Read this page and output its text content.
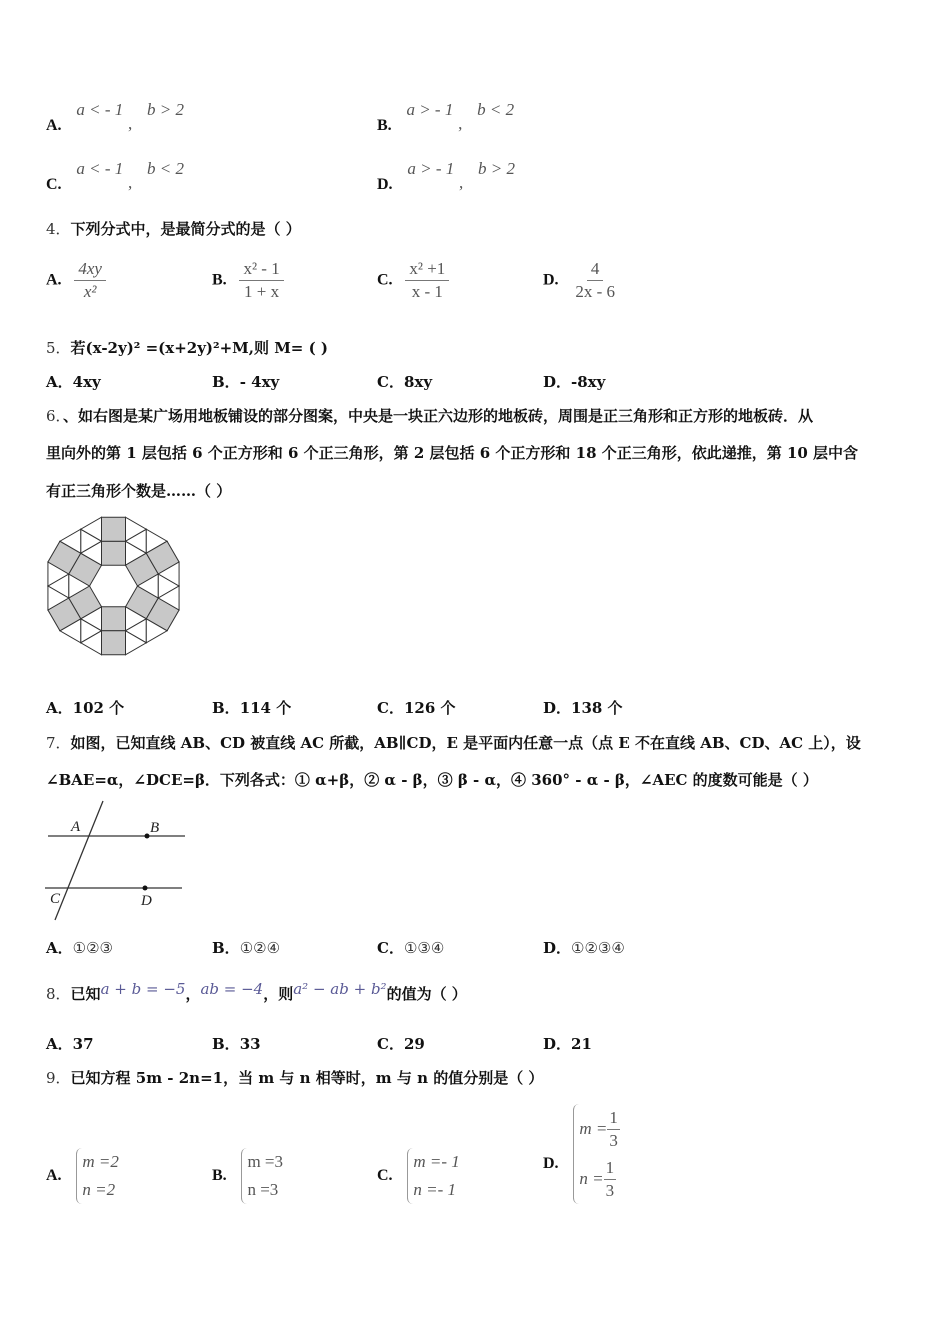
A. a < - 1 , b > 2
B. a > - 1 , b < 2
C. a < - 1 , b < 2
D. a > - 1 , b > 2
4．下列分式中，是最简分式的是（ ）
A. $\frac{4xy}{\text{x²}}$	B. $\frac{\text{x² - 1}}{1 + x}$	C. $\frac{\text{x² +1}}{x - 1}$	D. $\frac{4}{2x - 6}$
5．若(x-2y)² =(x+2y)²+M,则 M= ( )
A．4xy	B．- 4xy	C．8xy	D．-8xy
6．、如右图是某广场用地板铺设的部分图案，中央是一块正六边形的地板砖，周围是正三角形和正方形的地板砖．从
里向外的第 1 层包括 6 个正方形和 6 个正三角形，第 2 层包括 6 个正方形和 18 个正三角形，依此递推，第 10 层中含
有正三角形个数是……（ ）
A．102 个	B．114 个	C．126 个	D．138 个
7．如图，已知直线 AB、CD 被直线 AC 所截，AB∥CD，E 是平面内任意一点（点 E 不在直线 AB、CD、AC 上），设
∠BAE=α，∠DCE=β．下列各式：① α+β，② α - β，③ β - α，④ 360° - α - β，∠AEC 的度数可能是（ ）
A	B
C	D
A．①②③	B．①②④	C．①③④	D．①②③④
8．已知a + b = −5，ab = −4，则a² − ab + b²的值为（ ）
A．37	B．33	C．29	D．21
9．已知方程 5m - 2n=1，当 m 与 n 相等时，m 与 n 的值分别是（ ）
A.
m =2
n =2
B.
m =3
n =3
C.
m =- 1
n =- 1
D.
$m = \frac{1}{3}$
$n = \frac{1}{3}$
